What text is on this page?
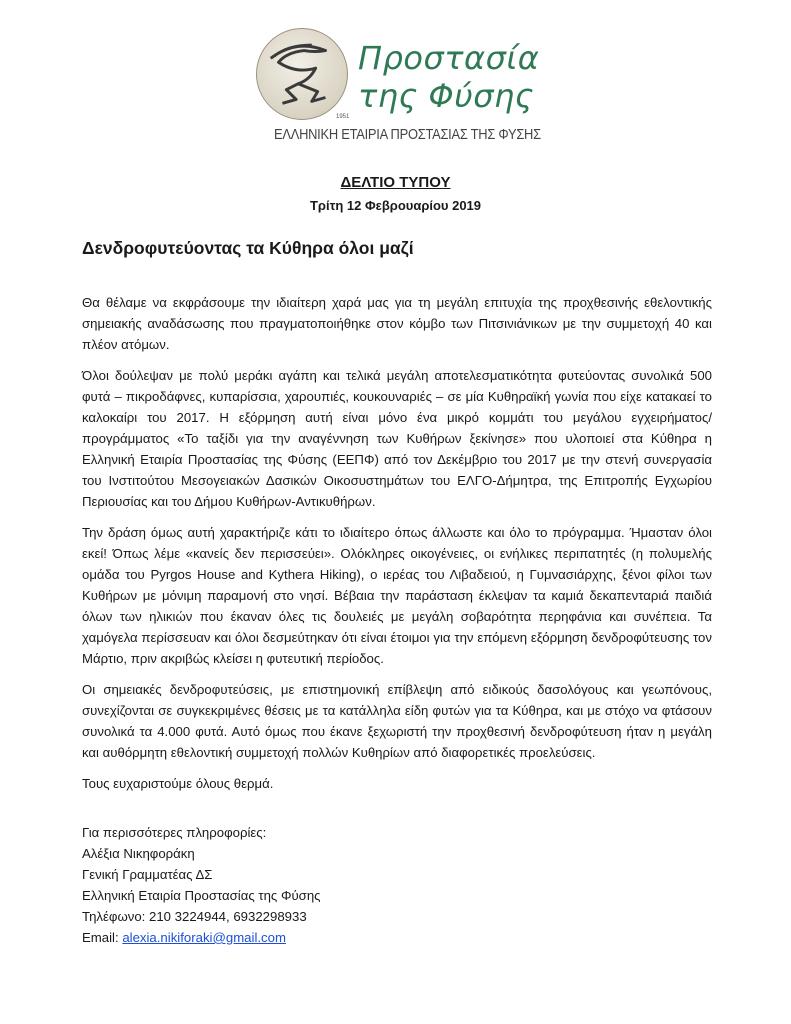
1951
Προστασία
της Φύσης
ΕΛΛΗΝΙΚΗ ΕΤΑΙΡΙΑ ΠΡΟΣΤΑΣΙΑΣ ΤΗΣ ΦΥΣΗΣ
ΔΕΛΤΙΟ ΤΥΠΟΥ
Τρίτη 12 Φεβρουαρίου 2019
Δενδροφυτεύοντας τα Κύθηρα όλοι μαζί

Θα θέλαμε να εκφράσουμε την ιδιαίτερη χαρά μας για τη μεγάλη επιτυχία της προχθεσινής εθελοντικής σημειακής αναδάσωσης που πραγματοποιήθηκε στον κόμβο των Πιτσινιάνικων με την συμμετοχή 40 και πλέον ατόμων.

Όλοι δούλεψαν με πολύ μεράκι αγάπη και τελικά μεγάλη αποτελεσματικότητα φυτεύοντας συνολικά 500 φυτά – πικροδάφνες, κυπαρίσσια, χαρουπιές, κουκουναριές – σε μία Κυθηραϊκή γωνία που είχε κατακαεί το καλοκαίρι του 2017. Η εξόρμηση αυτή είναι μόνο ένα μικρό κομμάτι του μεγάλου εγχειρήματος/ προγράμματος «Το ταξίδι για την αναγέννηση των Κυθήρων ξεκίνησε» που υλοποιεί στα Κύθηρα η Ελληνική Εταιρία Προστασίας της Φύσης (ΕΕΠΦ) από τον Δεκέμβριο του 2017 με την στενή συνεργασία του Ινστιτούτου Μεσογειακών Δασικών Οικοσυστημάτων του ΕΛΓΟ-Δήμητρα, της Επιτροπής Εγχωρίου Περιουσίας και του Δήμου Κυθήρων-Αντικυθήρων.

Την δράση όμως αυτή χαρακτήριζε κάτι το ιδιαίτερο όπως άλλωστε και όλο το πρόγραμμα. Ήμασταν όλοι εκεί! Όπως λέμε «κανείς δεν περισσεύει». Ολόκληρες οικογένειες, οι ενήλικες περιπατητές (η πολυμελής ομάδα του Pyrgos House and Kythera Hiking), ο ιερέας του Λιβαδειού, η Γυμνασιάρχης, ξένοι φίλοι των Κυθήρων με μόνιμη παραμονή στο νησί. Βέβαια την παράσταση έκλεψαν τα καμιά δεκαπενταριά παιδιά όλων των ηλικιών που έκαναν όλες τις δουλειές με μεγάλη σοβαρότητα περηφάνια και συνέπεια. Τα χαμόγελα περίσσευαν και όλοι δεσμεύτηκαν ότι είναι έτοιμοι για την επόμενη εξόρμηση δενδροφύτευσης τον Μάρτιο, πριν ακριβώς κλείσει η φυτευτική περίοδος.

Οι σημειακές δενδροφυτεύσεις, με επιστημονική επίβλεψη από ειδικούς δασολόγους και γεωπόνους, συνεχίζονται σε συγκεκριμένες θέσεις με τα κατάλληλα είδη φυτών για τα Κύθηρα, και με στόχο να φτάσουν συνολικά τα 4.000 φυτά. Αυτό όμως που έκανε ξεχωριστή την προχθεσινή δενδροφύτευση ήταν η μεγάλη και αυθόρμητη εθελοντική συμμετοχή πολλών Κυθηρίων από διαφορετικές προελεύσεις.

Τους ευχαριστούμε όλους θερμά.

Για περισσότερες πληροφορίες:
Αλέξια Νικηφοράκη
Γενική Γραμματέας ΔΣ
Ελληνική Εταιρία Προστασίας της Φύσης
Τηλέφωνο: 210 3224944, 6932298933
Email: alexia.nikiforaki@gmail.com
